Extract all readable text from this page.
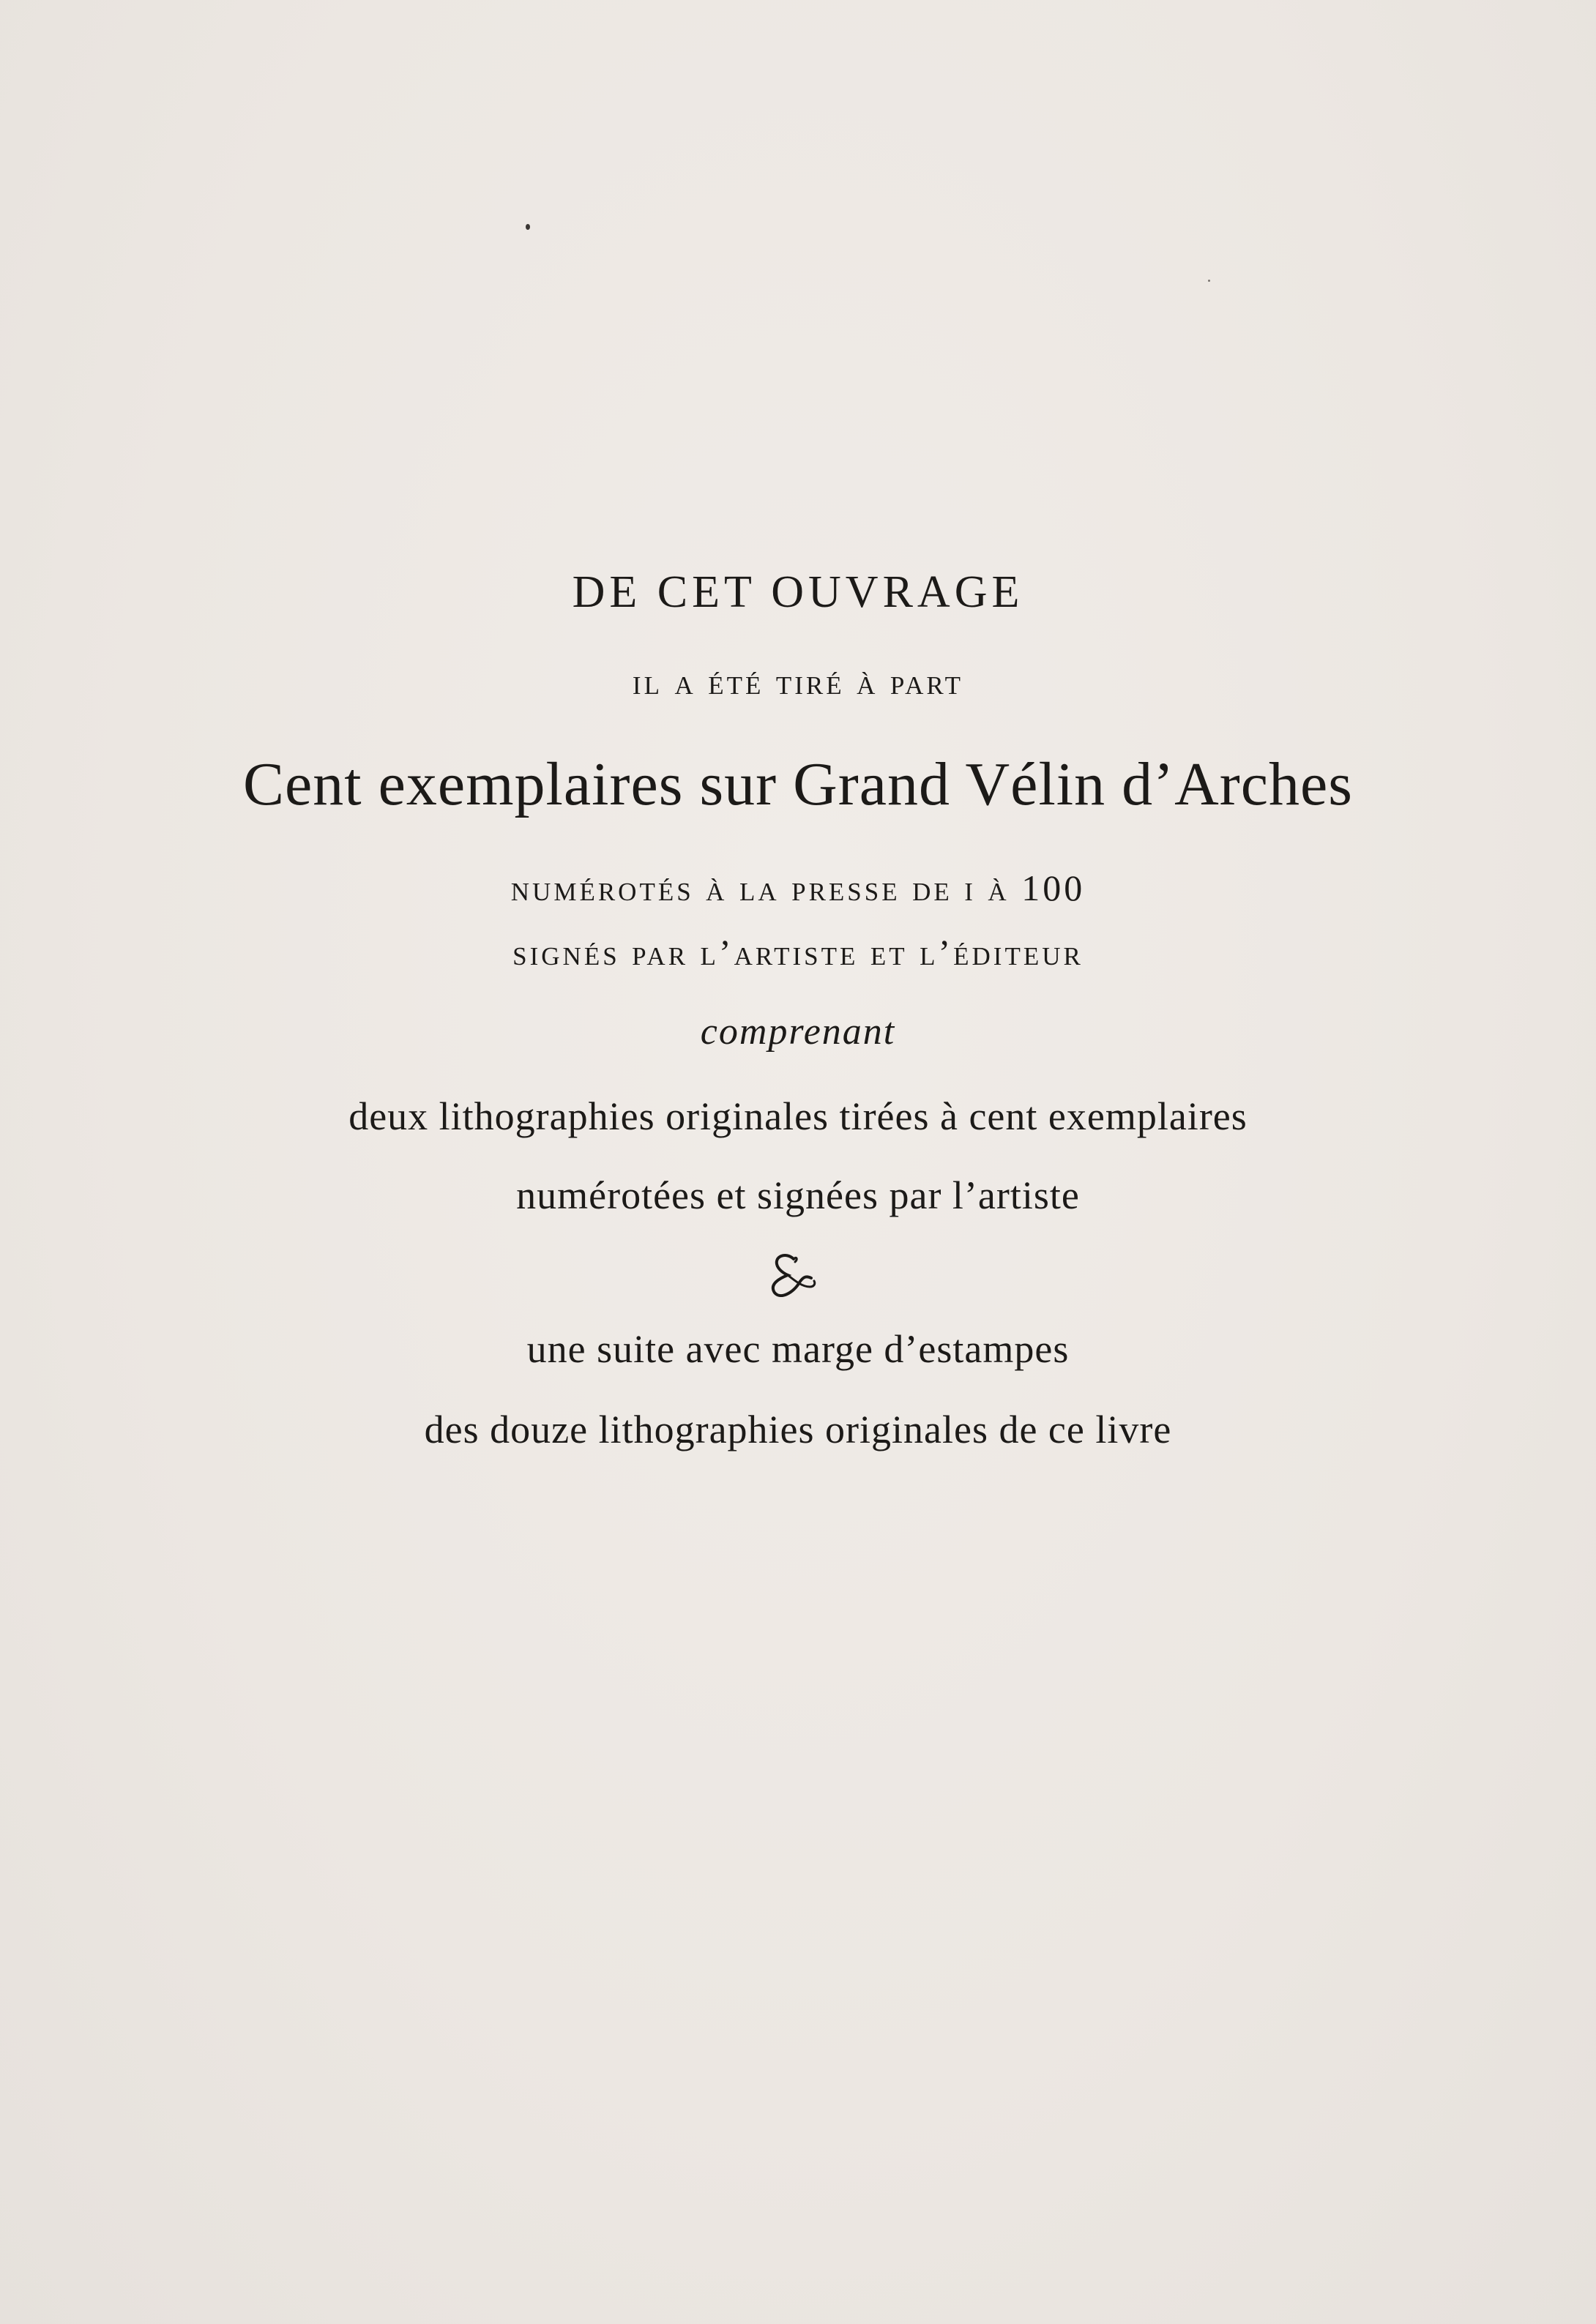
DE CET OUVRAGE
il a été tiré à part
Cent exemplaires sur Grand Vélin d’Arches
numérotés à la presse de i à 100
signés par l’artiste et l’éditeur
comprenant
deux lithographies originales tirées à cent exemplaires
numérotées et signées par l’artiste
une suite avec marge d’estampes
des douze lithographies originales de ce livre
